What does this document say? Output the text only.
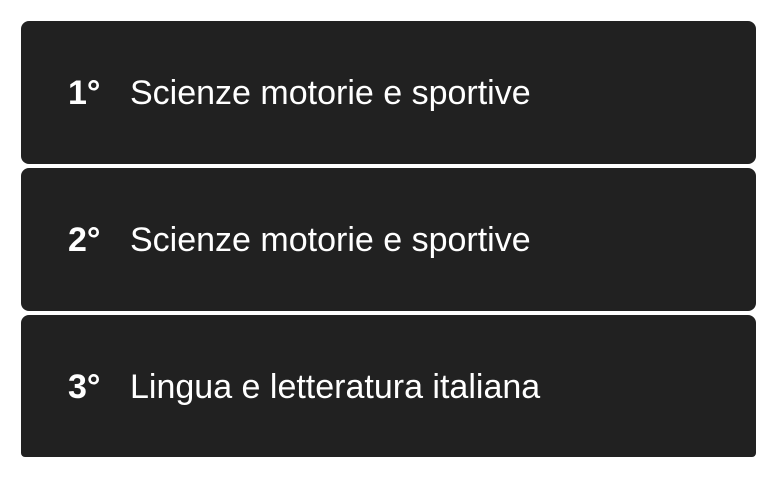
1° Scienze motorie e sportive
2° Scienze motorie e sportive
3° Lingua e letteratura italiana
